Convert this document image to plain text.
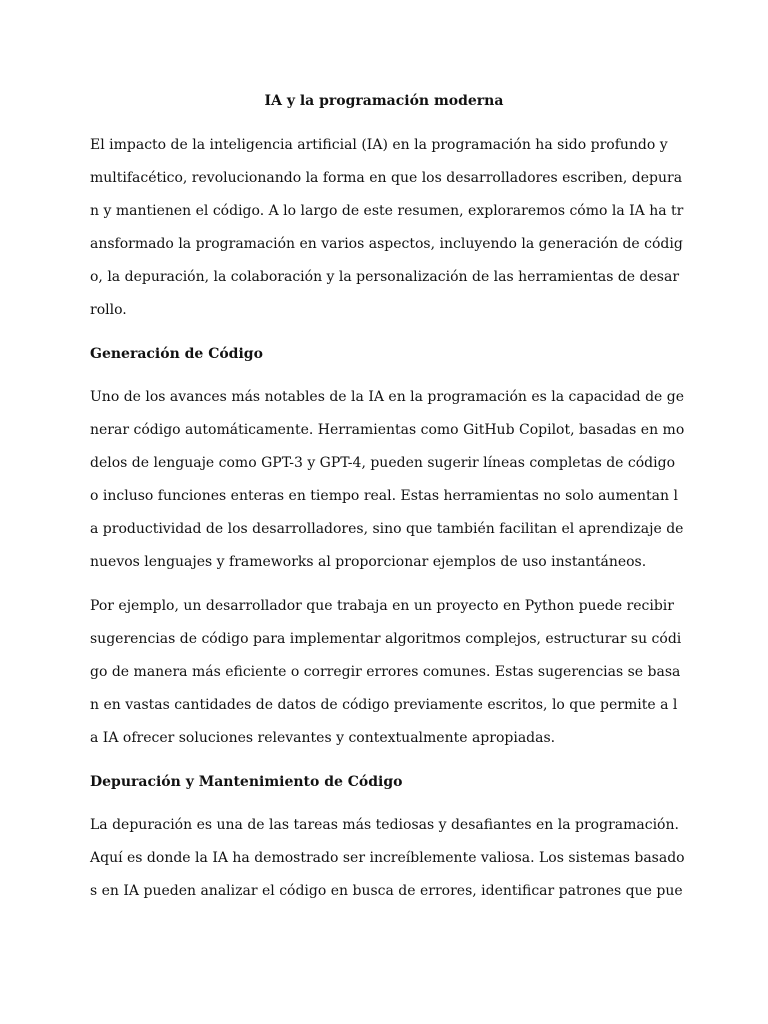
IA y la programación moderna
El impacto de la inteligencia artificial (IA) en la programación ha sido profundo y
multifacético, revolucionando la forma en que los desarrolladores escriben, depura
n y mantienen el código. A lo largo de este resumen, exploraremos cómo la IA ha tr
ansformado la programación en varios aspectos, incluyendo la generación de códig
o, la depuración, la colaboración y la personalización de las herramientas de desar
rollo.
Generación de Código
Uno de los avances más notables de la IA en la programación es la capacidad de ge
nerar código automáticamente. Herramientas como GitHub Copilot, basadas en mo
delos de lenguaje como GPT-3 y GPT-4, pueden sugerir líneas completas de código
o incluso funciones enteras en tiempo real. Estas herramientas no solo aumentan l
a productividad de los desarrolladores, sino que también facilitan el aprendizaje de
nuevos lenguajes y frameworks al proporcionar ejemplos de uso instantáneos.
Por ejemplo, un desarrollador que trabaja en un proyecto en Python puede recibir
sugerencias de código para implementar algoritmos complejos, estructurar su códi
go de manera más eficiente o corregir errores comunes. Estas sugerencias se basa
n en vastas cantidades de datos de código previamente escritos, lo que permite a l
a IA ofrecer soluciones relevantes y contextualmente apropiadas.
Depuración y Mantenimiento de Código
La depuración es una de las tareas más tediosas y desafiantes en la programación.
Aquí es donde la IA ha demostrado ser increíblemente valiosa. Los sistemas basado
s en IA pueden analizar el código en busca de errores, identificar patrones que pue
